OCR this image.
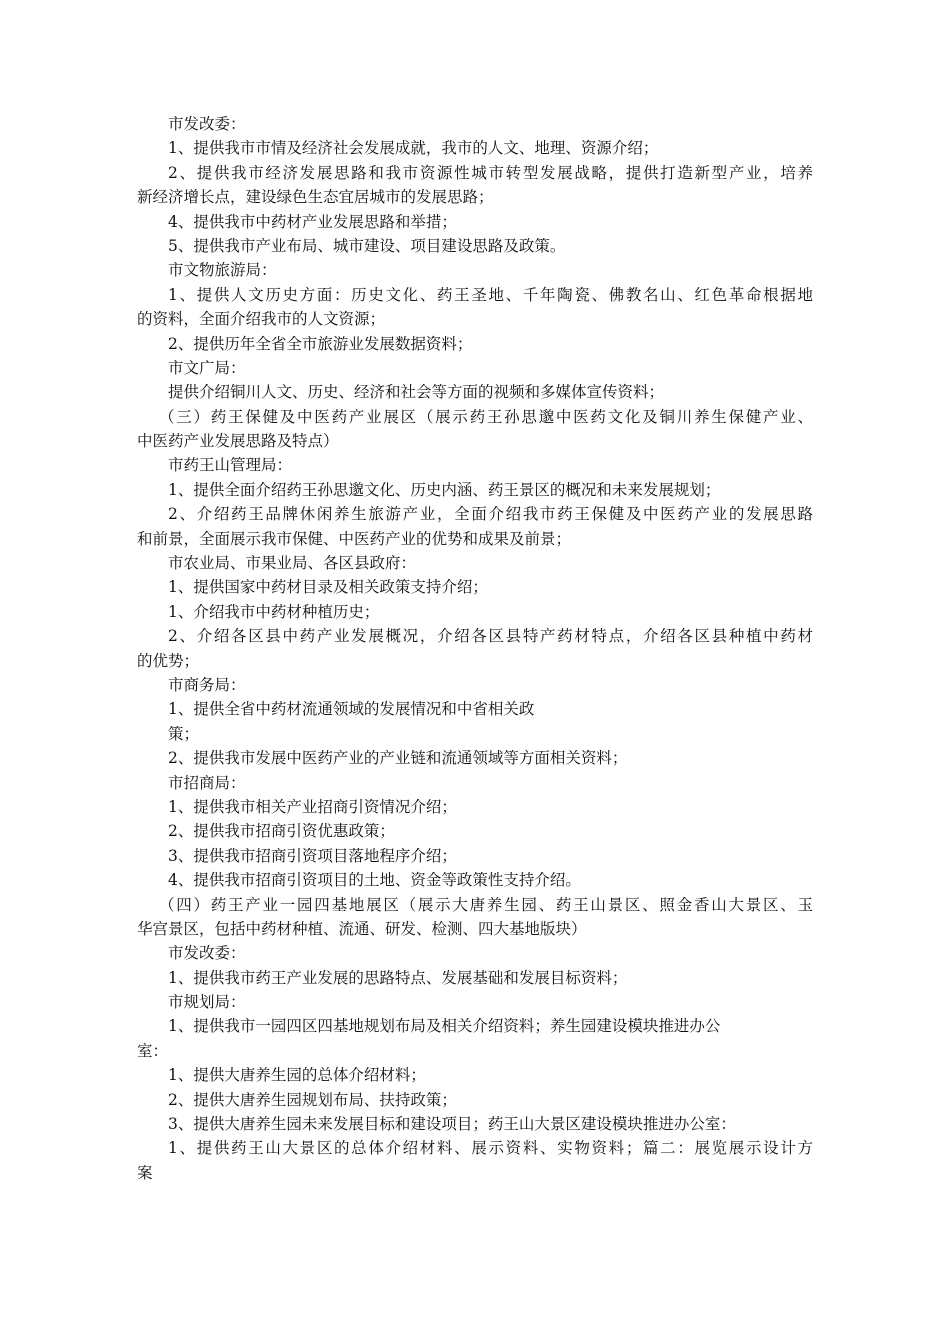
市发改委：
1、提供我市市情及经济社会发展成就，我市的人文、地理、资源介绍；
2、提供我市经济发展思路和我市资源性城市转型发展战略，提供打造新型产业，培养
新经济增长点，建设绿色生态宜居城市的发展思路；
4、提供我市中药材产业发展思路和举措；
5、提供我市产业布局、城市建设、项目建设思路及政策。
市文物旅游局：
1、提供人文历史方面：历史文化、药王圣地、千年陶瓷、佛教名山、红色革命根据地
的资料，全面介绍我市的人文资源；
2、提供历年全省全市旅游业发展数据资料；
市文广局：
提供介绍铜川人文、历史、经济和社会等方面的视频和多媒体宣传资料；
（三）药王保健及中医药产业展区（展示药王孙思邈中医药文化及铜川养生保健产业、
中医药产业发展思路及特点）
市药王山管理局：
1、提供全面介绍药王孙思邈文化、历史内涵、药王景区的概况和未来发展规划；
2、介绍药王品牌休闲养生旅游产业，全面介绍我市药王保健及中医药产业的发展思路
和前景，全面展示我市保健、中医药产业的优势和成果及前景；
市农业局、市果业局、各区县政府：
1、提供国家中药材目录及相关政策支持介绍；
1、介绍我市中药材种植历史；
2、介绍各区县中药产业发展概况，介绍各区县特产药材特点，介绍各区县种植中药材
的优势；
市商务局：
1、提供全省中药材流通领域的发展情况和中省相关政
策；
2、提供我市发展中医药产业的产业链和流通领域等方面相关资料；
市招商局：
1、提供我市相关产业招商引资情况介绍；
2、提供我市招商引资优惠政策；
3、提供我市招商引资项目落地程序介绍；
4、提供我市招商引资项目的土地、资金等政策性支持介绍。
（四）药王产业一园四基地展区（展示大唐养生园、药王山景区、照金香山大景区、玉
华宫景区，包括中药材种植、流通、研发、检测、四大基地版块）
市发改委：
1、提供我市药王产业发展的思路特点、发展基础和发展目标资料；
市规划局：
1、提供我市一园四区四基地规划布局及相关介绍资料；养生园建设模块推进办公
室：
1、提供大唐养生园的总体介绍材料；
2、提供大唐养生园规划布局、扶持政策；
3、提供大唐养生园未来发展目标和建设项目；药王山大景区建设模块推进办公室：
1、提供药王山大景区的总体介绍材料、展示资料、实物资料；篇二：展览展示设计方
案
